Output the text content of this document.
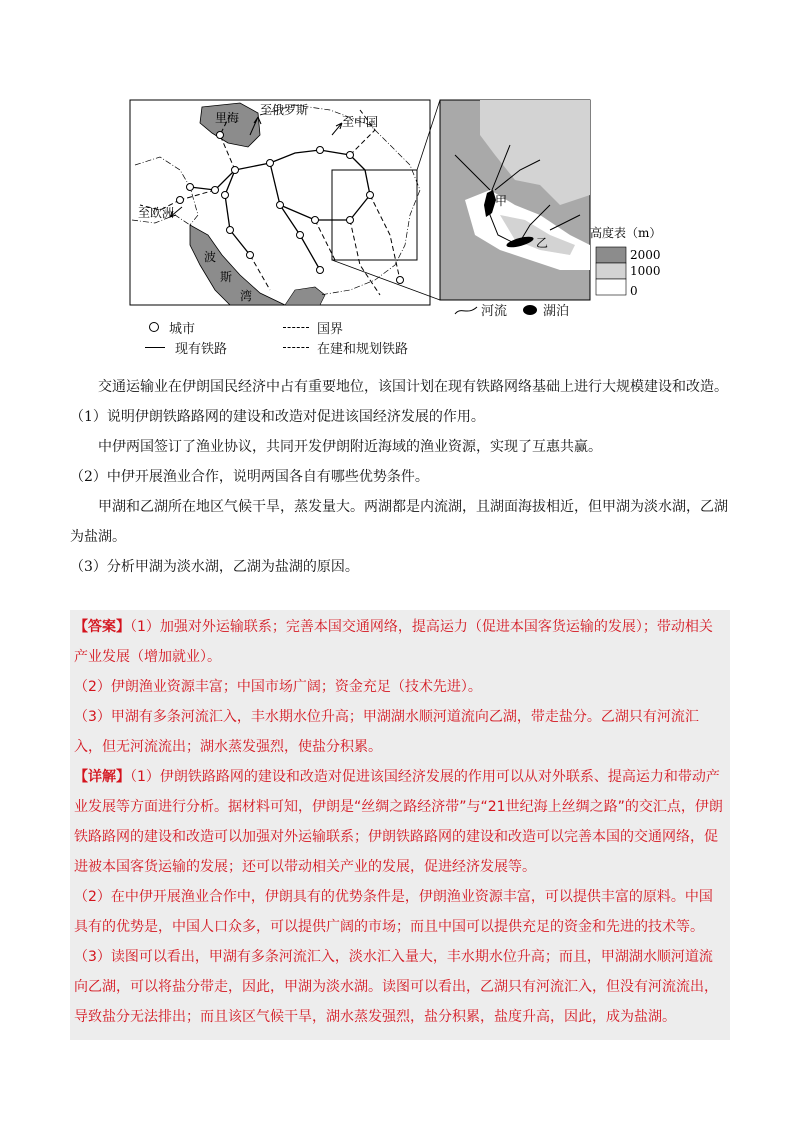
里海
至俄罗斯
至中国
至欧洲
波
斯
湾
甲
乙
高度表（m）
2000
1000
0
城市	国界
现有铁路	在建和规划铁路
河流	湖泊

交通运输业在伊朗国民经济中占有重要地位，该国计划在现有铁路网络基础上进行大规模建设和改造。

（1）说明伊朗铁路路网的建设和改造对促进该国经济发展的作用。

中伊两国签订了渔业协议，共同开发伊朗附近海域的渔业资源，实现了互惠共赢。

（2）中伊开展渔业合作，说明两国各自有哪些优势条件。

甲湖和乙湖所在地区气候干旱，蒸发量大。两湖都是内流湖，且湖面海拔相近，但甲湖为淡水湖，乙湖为盐湖。

（3）分析甲湖为淡水湖，乙湖为盐湖的原因。

【答案】（1）加强对外运输联系；完善本国交通网络，提高运力（促进本国客货运输的发展）；带动相关产业发展（增加就业）。

（2）伊朗渔业资源丰富；中国市场广阔；资金充足（技术先进）。

（3）甲湖有多条河流汇入，丰水期水位升高；甲湖湖水顺河道流向乙湖，带走盐分。乙湖只有河流汇入，但无河流流出；湖水蒸发强烈，使盐分积累。

【详解】（1）伊朗铁路路网的建设和改造对促进该国经济发展的作用可以从对外联系、提高运力和带动产业发展等方面进行分析。据材料可知，伊朗是“丝绸之路经济带”与“21世纪海上丝绸之路”的交汇点，伊朗铁路路网的建设和改造可以加强对外运输联系；伊朗铁路路网的建设和改造可以完善本国的交通网络，促进被本国客货运输的发展；还可以带动相关产业的发展，促进经济发展等。

（2）在中伊开展渔业合作中，伊朗具有的优势条件是，伊朗渔业资源丰富，可以提供丰富的原料。中国具有的优势是，中国人口众多，可以提供广阔的市场；而且中国可以提供充足的资金和先进的技术等。

（3）读图可以看出，甲湖有多条河流汇入，淡水汇入量大，丰水期水位升高；而且，甲湖湖水顺河道流向乙湖，可以将盐分带走，因此，甲湖为淡水湖。读图可以看出，乙湖只有河流汇入，但没有河流流出，导致盐分无法排出；而且该区气候干旱，湖水蒸发强烈，盐分积累，盐度升高，因此，成为盐湖。
